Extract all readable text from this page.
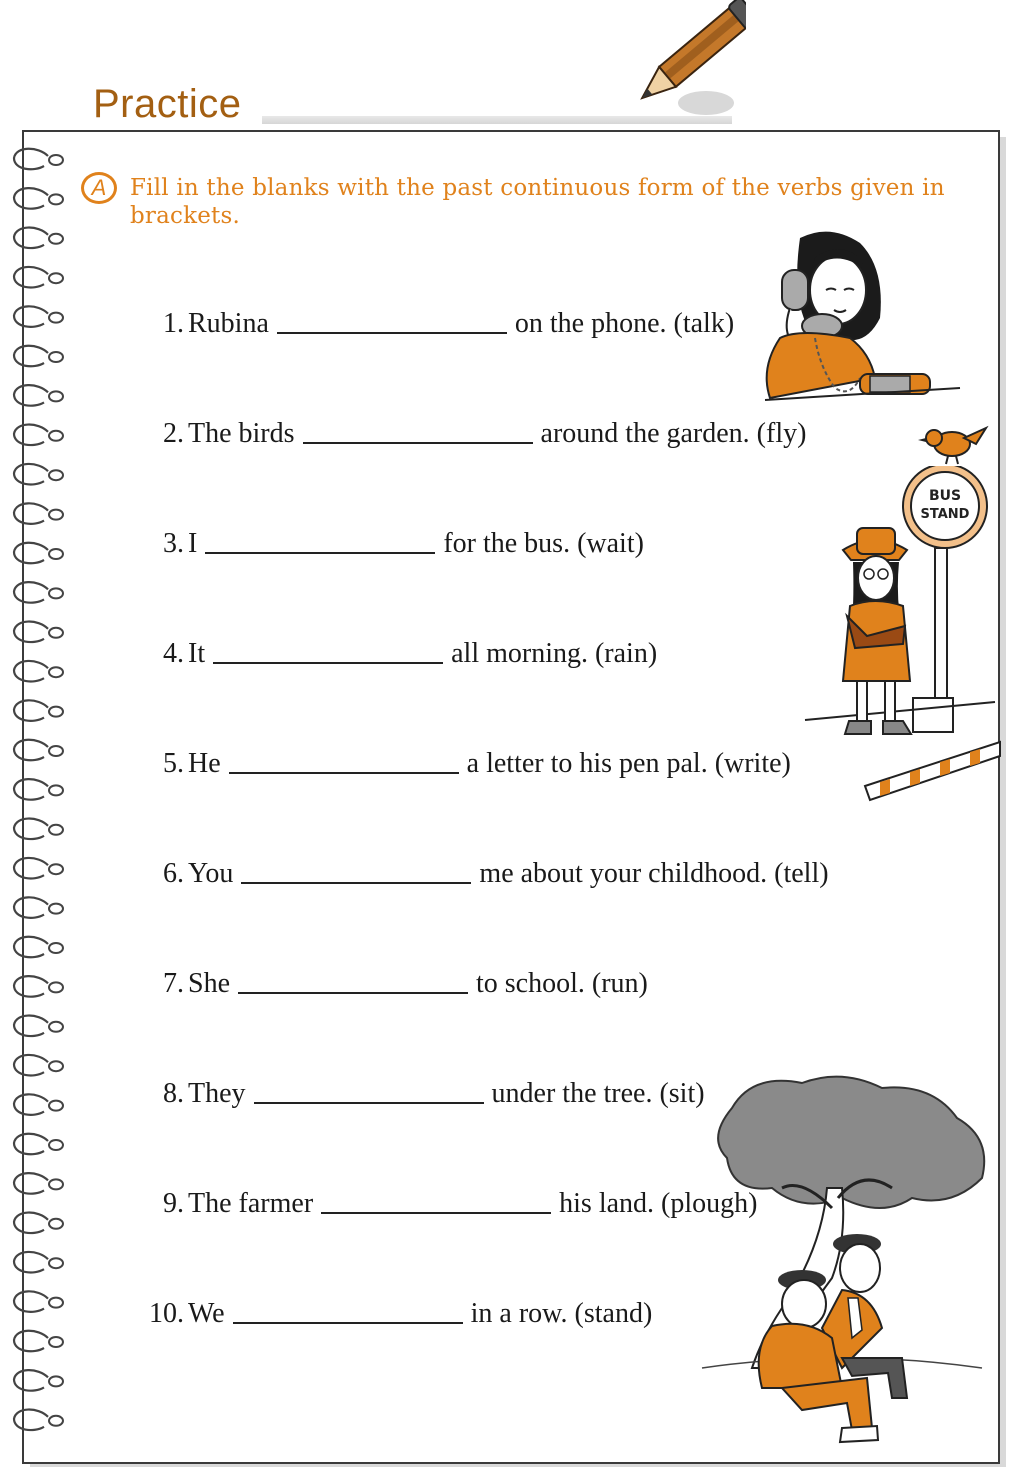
Practice
A	Fill in the blanks with the past continuous form of the verbs given in brackets.
1. Rubina	on the phone. (talk)
2. The birds	around the garden. (fly)
3. I	for the bus. (wait)
4. It	all morning. (rain)
5. He	a letter to his pen pal. (write)
6. You	me about your childhood. (tell)
7. She	to school. (run)
8. They	under the tree. (sit)
9. The farmer	his land. (plough)
10. We	in a row. (stand)
BUS
STAND
